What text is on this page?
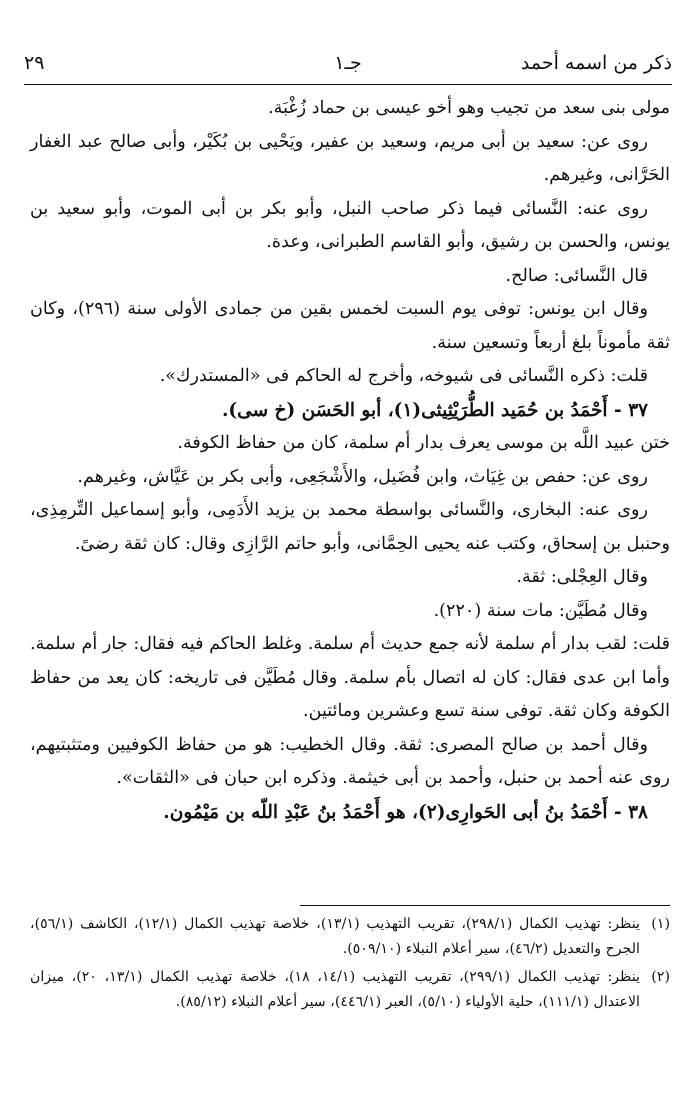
ذكر من اسمه أحمد
جـ١
٢٩

مولى بنى سعد من تجيب وهو أخو عيسى بن حماد زُغْبَة.

روى عن: سعيد بن أبى مريم، وسعيد بن عفير، ويَحْيى بن بُكَيْر، وأبى صالح عبد الغفار الحَرَّانى، وغيرهم.

روى عنه: النَّسائى فيما ذكر صاحب النبل، وأبو بكر بن أبى الموت، وأبو سعيد بن يونس، والحسن بن رشيق، وأبو القاسم الطبرانى، وعدة.

قال النَّسائى: صالح.

وقال ابن يونس: توفى يوم السبت لخمس بقين من جمادى الأولى سنة (٢٩٦)، وكان ثقة مأموناً بلغ أربعاً وتسعين سنة.

قلت: ذكره النَّسائى فى شيوخه، وأخرج له الحاكم فى «المستدرك».

٣٧ - أَحْمَدُ بن حُمَيد الطُّرَيْثِيثى(١)، أبو الحَسَن (خ سى).

ختن عبيد اللَّه بن موسى يعرف بدار أم سلمة، كان من حفاظ الكوفة.

روى عن: حفص بن غِيَاث، وابن فُضَيل، والأَشْجَعِى، وأبى بكر بن عَيَّاش، وغيرهم.

روى عنه: البخارى، والنَّسائى بواسطة محمد بن يزيد الأَدَمِى، وأبو إسماعيل التِّرمِذِى، وحنبل بن إسحاق، وكتب عنه يحيى الحِمَّانى، وأبو حاتم الرَّازِى وقال: كان ثقة رضىً.

وقال العِجْلى: ثقة.

وقال مُطَيَّن: مات سنة (٢٢٠).

قلت: لقب بدار أم سلمة لأنه جمع حديث أم سلمة. وغلط الحاكم فيه فقال: جار أم سلمة. وأما ابن عدى فقال: كان له اتصال بأم سلمة. وقال مُطَيَّن فى تاريخه: كان يعد من حفاظ الكوفة وكان ثقة. توفى سنة تسع وعشرين ومائتين.

وقال أحمد بن صالح المصرى: ثقة. وقال الخطيب: هو من حفاظ الكوفيين ومتثبتيهم، روى عنه أحمد بن حنبل، وأحمد بن أبى خيثمة. وذكره ابن حبان فى «الثقات».

٣٨ - أَحْمَدُ بنُ أبى الحَوارِى(٢)، هو أَحْمَدُ بنُ عَبْدِ اللّه بن مَيْمُون.

(١)
ينظر: تهذيب الكمال (٢٩٨/١)، تقريب التهذيب (١٣/١)، خلاصة تهذيب الكمال (١٢/١)، الكاشف (٥٦/١)، الجرح والتعديل (٤٦/٢)، سير أعلام النبلاء (٥٠٩/١٠).

(٢)
ينظر: تهذيب الكمال (٢٩٩/١)، تقريب التهذيب (١٤/١، ١٨)، خلاصة تهذيب الكمال (١٣/١، ٢٠)، ميزان الاعتدال (١١١/١)، حلية الأولياء (٥/١٠)، العبر (٤٤٦/١)، سير أعلام النبلاء (٨٥/١٢).
